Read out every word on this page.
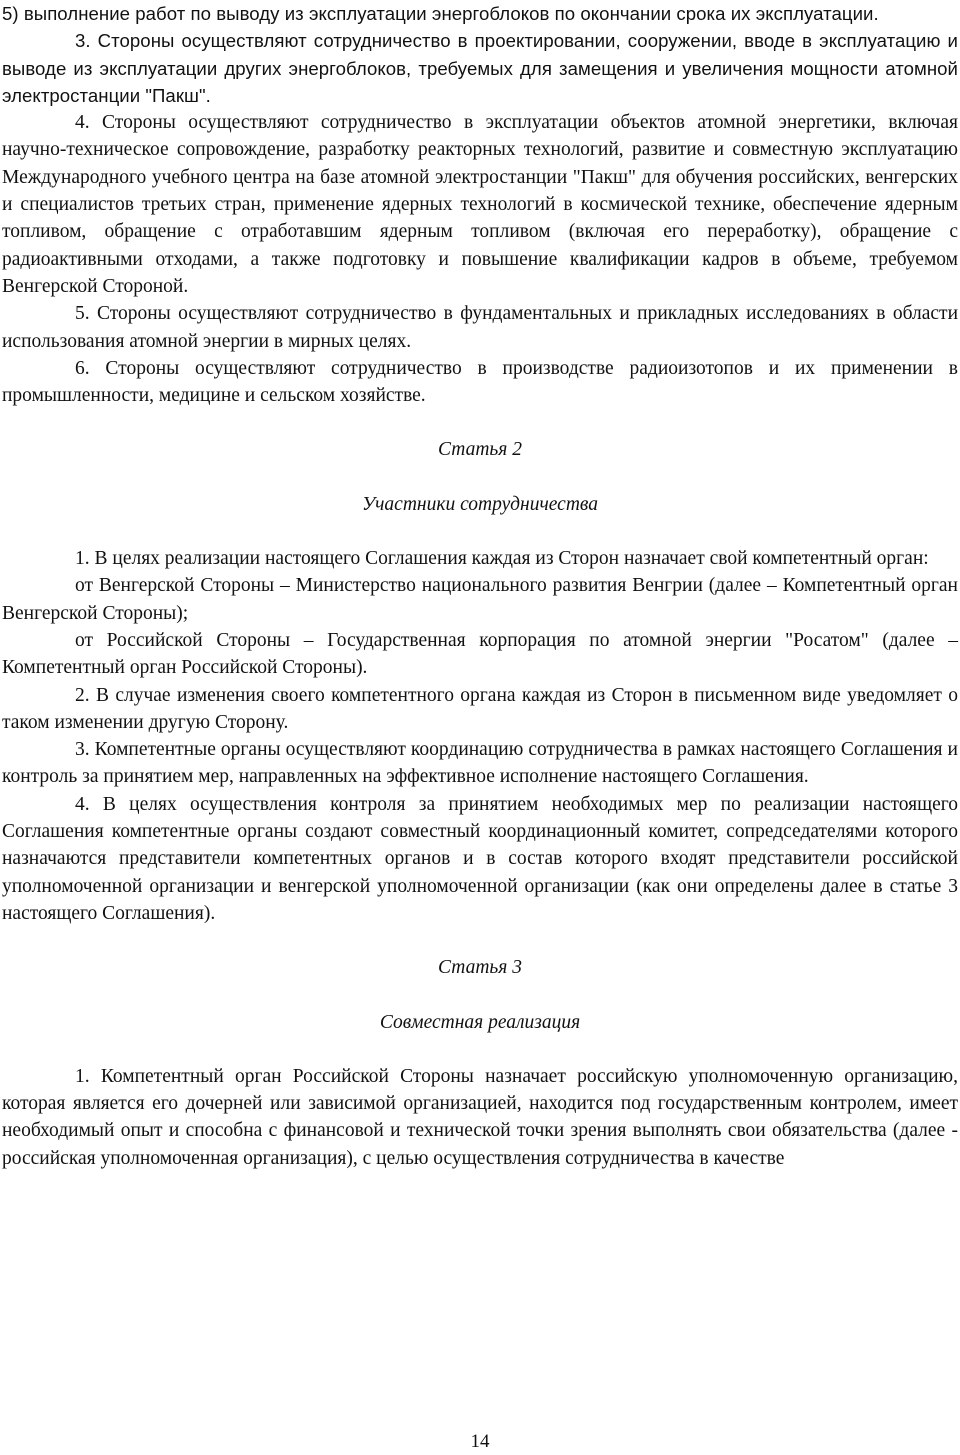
5) выполнение работ по выводу из эксплуатации энергоблоков по окончании срока их эксплуатации.

3. Стороны осуществляют сотрудничество в проектировании, сооружении, вводе в эксплуатацию и выводе из эксплуатации других энергоблоков, требуемых для замещения и увеличения мощности атомной электростанции "Пакш".

4. Стороны осуществляют сотрудничество в эксплуатации объектов атомной энергетики, включая научно-техническое сопровождение, разработку реакторных технологий, развитие и совместную эксплуатацию Международного учебного центра на базе атомной электростанции "Пакш" для обучения российских, венгерских и специалистов третьих стран, применение ядерных технологий в космической технике, обеспечение ядерным топливом, обращение с отработавшим ядерным топливом (включая его переработку), обращение с радиоактивными отходами, а также подготовку и повышение квалификации кадров в объеме, требуемом Венгерской Стороной.

5. Стороны осуществляют сотрудничество в фундаментальных и прикладных исследованиях в области использования атомной энергии в мирных целях.

6. Стороны осуществляют сотрудничество в производстве радиоизотопов и их применении в промышленности, медицине и сельском хозяйстве.

Статья 2

Участники сотрудничества

1. В целях реализации настоящего Соглашения каждая из Сторон назначает свой компетентный орган:

от Венгерской Стороны – Министерство национального развития Венгрии (далее – Компетентный орган Венгерской Стороны);

от Российской Стороны – Государственная корпорация по атомной энергии "Росатом" (далее – Компетентный орган Российской Стороны).

2. В случае изменения своего компетентного органа каждая из Сторон в письменном виде уведомляет о таком изменении другую Сторону.

3. Компетентные органы осуществляют координацию сотрудничества в рамках настоящего Соглашения и контроль за принятием мер, направленных на эффективное исполнение настоящего Соглашения.

4. В целях осуществления контроля за принятием необходимых мер по реализации настоящего Соглашения компетентные органы создают совместный координационный комитет, сопредседателями которого назначаются представители компетентных органов и в состав которого входят представители российской уполномоченной организации и венгерской уполномоченной организации (как они определены далее в статье 3 настоящего Соглашения).

Статья 3

Совместная реализация

1. Компетентный орган Российской Стороны назначает российскую уполномоченную организацию, которая является его дочерней или зависимой организацией, находится под государственным контролем, имеет необходимый опыт и способна с финансовой и технической точки зрения выполнять свои обязательства (далее - российская уполномоченная организация), с целью осуществления сотрудничества в качестве

14
